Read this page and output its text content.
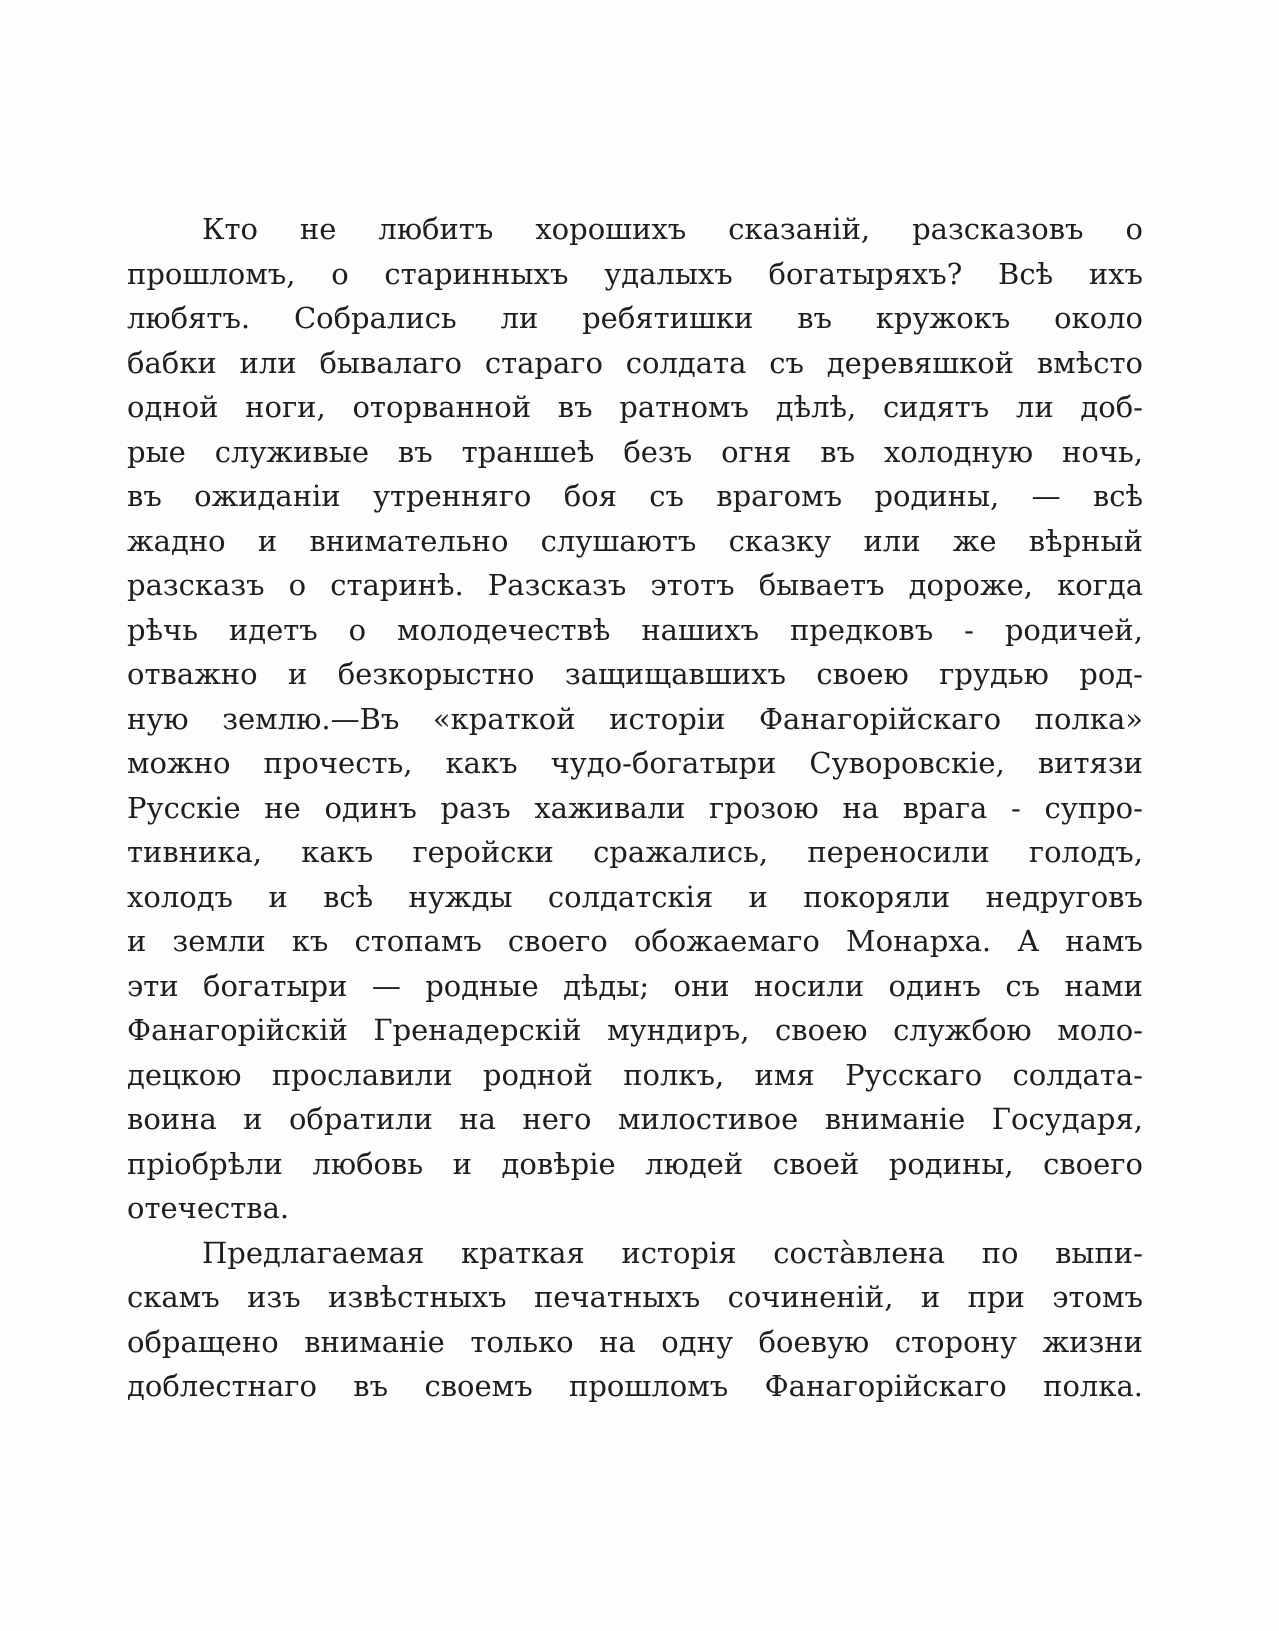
Кто не любитъ хорошихъ сказаній, разсказовъ о
прошломъ, о старинныхъ удалыхъ богатыряхъ? Всѣ ихъ
любятъ. Собрались ли ребятишки въ кружокъ около
бабки или бывалаго стараго солдата съ деревяшкой вмѣсто
одной ноги, оторванной въ ратномъ дѣлѣ, сидятъ ли доб-
рые служивые въ траншеѣ безъ огня въ холодную ночь,
въ ожиданіи утренняго боя съ врагомъ родины, — всѣ
жадно и внимательно слушаютъ сказку или же вѣрный
разсказъ о старинѣ. Разсказъ этотъ бываетъ дороже, когда
рѣчь идетъ о молодечествѣ нашихъ предковъ - родичей,
отважно и безкорыстно защищавшихъ своею грудью род-
ную землю.—Въ «краткой исторіи Фанагорійскаго полка»
можно прочесть, какъ чудо-богатыри Суворовскіе, витязи
Русскіе не одинъ разъ хаживали грозою на врага - супро-
тивника, какъ геройски сражались, переносили голодъ,
холодъ и всѣ нужды солдатскія и покоряли недруговъ
и земли къ стопамъ своего обожаемаго Монарха. А намъ
эти богатыри — родные дѣды; они носили одинъ съ нами
Фанагорійскій Гренадерскій мундиръ, своею службою моло-
децкою прославили родной полкъ, имя Русскаго солдата-
воина и обратили на него милостивое вниманіе Государя,
пріобрѣли любовь и довѣріе людей своей родины, своего
отечества.
Предлагаемая краткая исторія соста̀влена по выпи-
скамъ изъ извѣстныхъ печатныхъ сочиненій, и при этомъ
обращено вниманіе только на одну боевую сторону жизни
доблестнаго въ своемъ прошломъ Фанагорійскаго полка.
